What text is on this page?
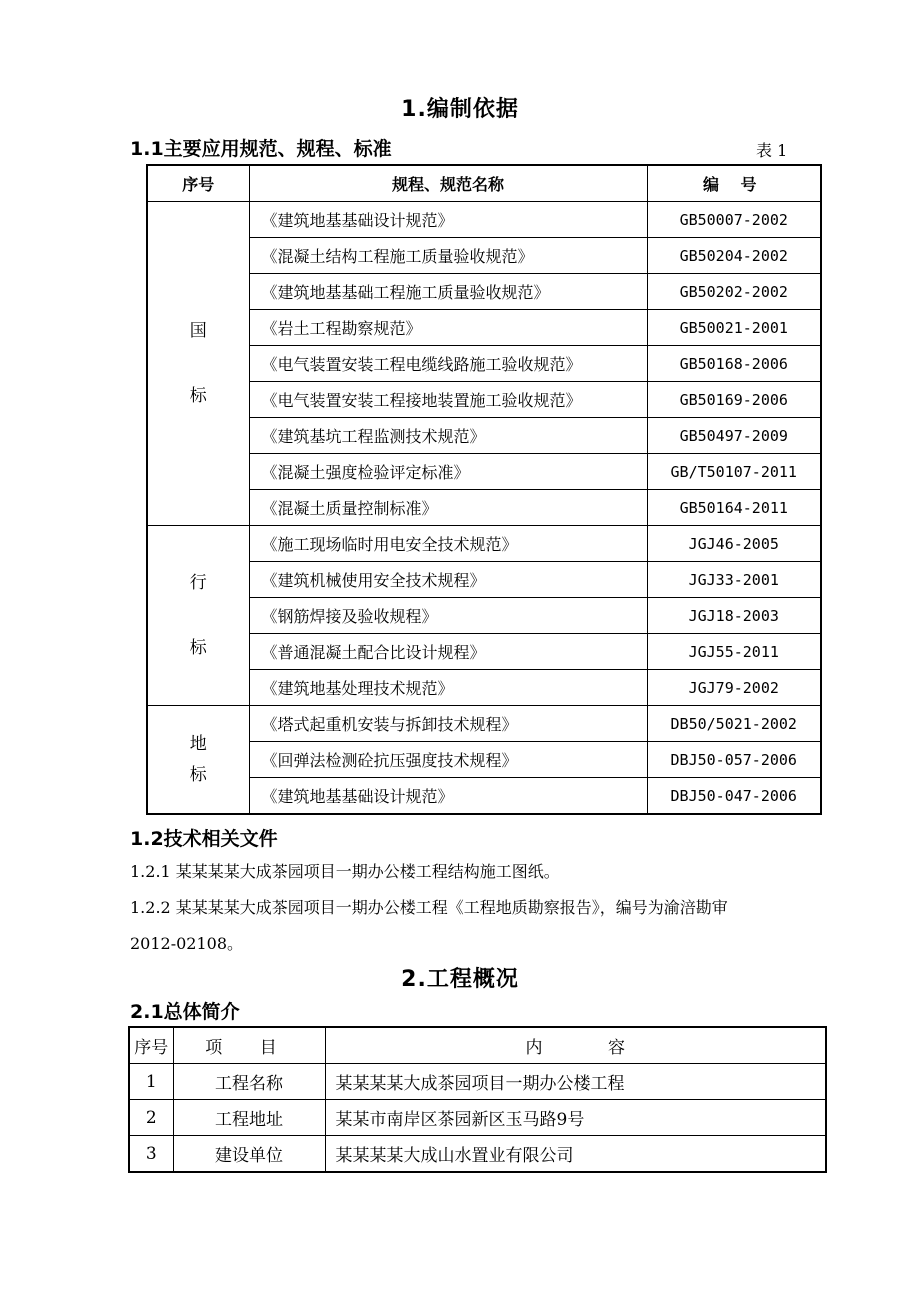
1.编制依据
1.1主要应用规范、规程、标准	表 1
序号	规程、规范名称	编 号

国
标	《建筑地基基础设计规范》	GB50007-2002
	《混凝土结构工程施工质量验收规范》	GB50204-2002
	《建筑地基基础工程施工质量验收规范》	GB50202-2002
	《岩土工程勘察规范》	GB50021-2001
	《电气装置安装工程电缆线路施工验收规范》	GB50168-2006
	《电气装置安装工程接地装置施工验收规范》	GB50169-2006
	《建筑基坑工程监测技术规范》	GB50497-2009
	《混凝土强度检验评定标准》	GB/T50107-2011
	《混凝土质量控制标准》	GB50164-2011

行
标	《施工现场临时用电安全技术规范》	JGJ46-2005
	《建筑机械使用安全技术规程》	JGJ33-2001
	《钢筋焊接及验收规程》	JGJ18-2003
	《普通混凝土配合比设计规程》	JGJ55-2011
	《建筑地基处理技术规范》	JGJ79-2002

地
标	《塔式起重机安装与拆卸技术规程》	DB50/5021-2002
	《回弹法检测砼抗压强度技术规程》	DBJ50-057-2006
	《建筑地基基础设计规范》	DBJ50-047-2006
1.2技术相关文件
1.2.1 某某某某大成茶园项目一期办公楼工程结构施工图纸。
1.2.2 某某某某大成茶园项目一期办公楼工程《工程地质勘察报告》，编号为渝涪勘审
2012-02108。
2.工程概况
2.1总体简介
序号	项 目	内 容
1	工程名称	某某某某大成茶园项目一期办公楼工程
2	工程地址	某某市南岸区茶园新区玉马路9号
3	建设单位	某某某某大成山水置业有限公司
